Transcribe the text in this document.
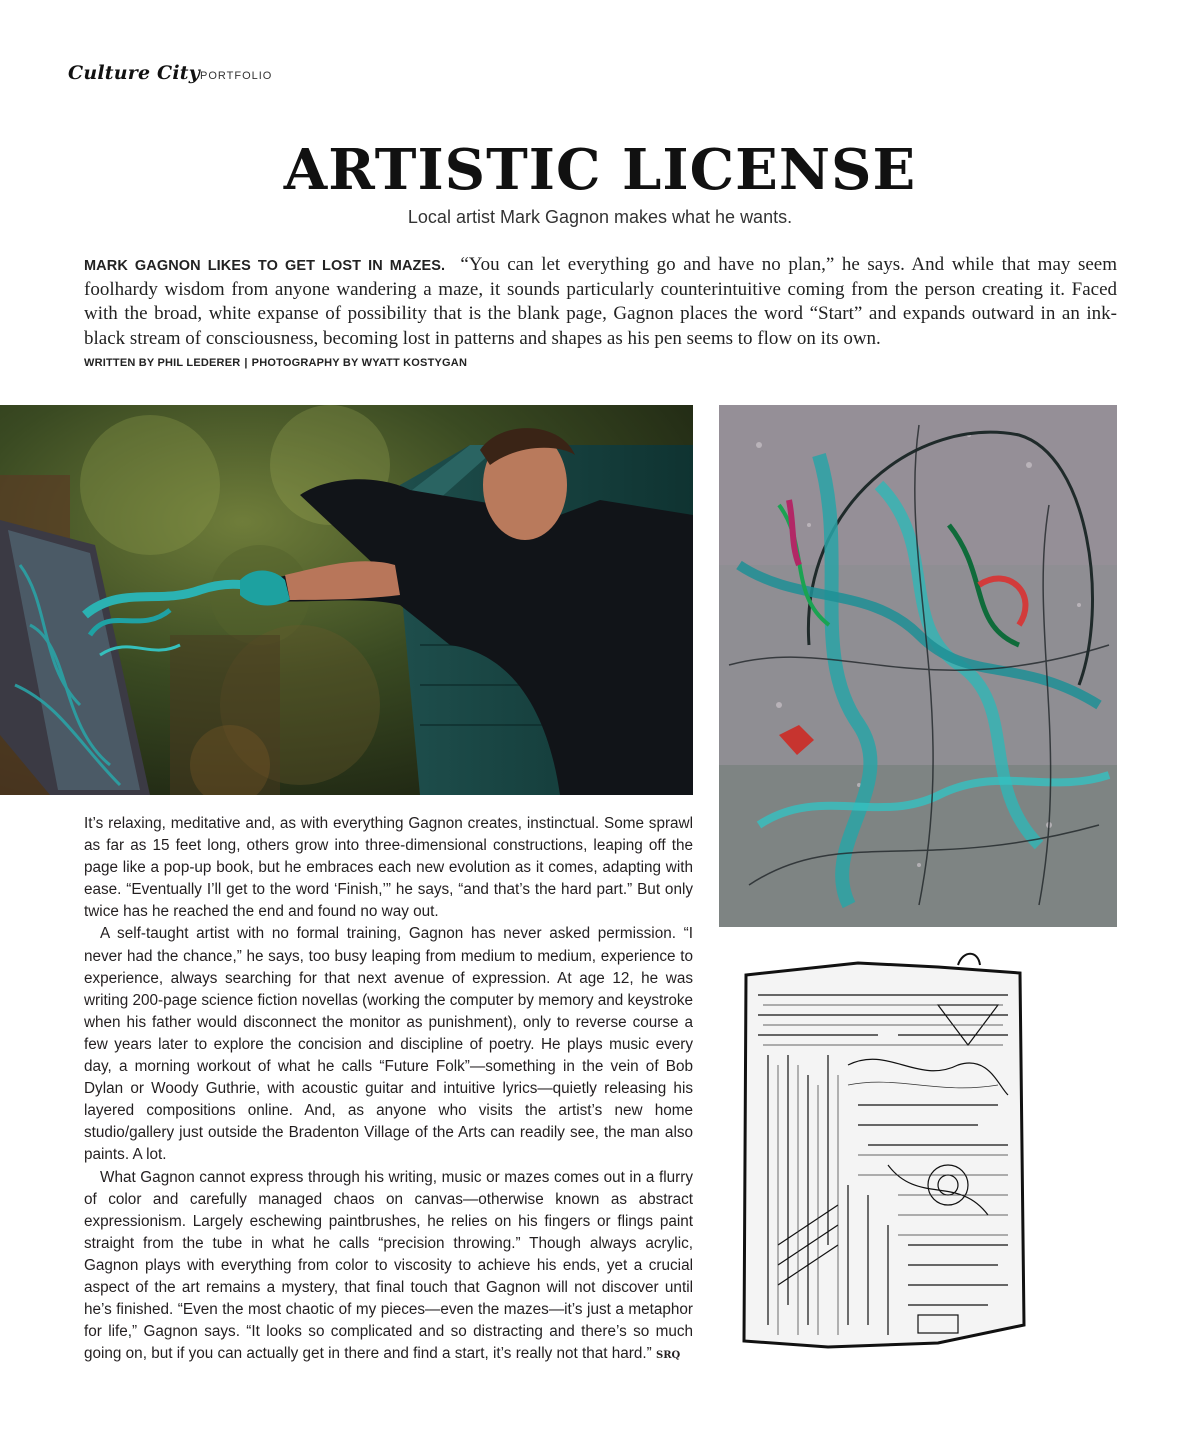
Culture City PORTFOLIO
ARTISTIC LICENSE
Local artist Mark Gagnon makes what he wants.
MARK GAGNON LIKES TO GET LOST IN MAZES. “You can let everything go and have no plan,” he says. And while that may seem foolhardy wisdom from anyone wandering a maze, it sounds particularly counterintuitive coming from the person creating it. Faced with the broad, white expanse of possibility that is the blank page, Gagnon places the word “Start” and expands outward in an ink-black stream of consciousness, becoming lost in patterns and shapes as his pen seems to flow on its own.
WRITTEN BY PHIL LEDERER | PHOTOGRAPHY BY WYATT KOSTYGAN

It’s relaxing, meditative and, as with everything Gagnon creates, instinctual. Some sprawl as far as 15 feet long, others grow into three-dimensional constructions, leaping off the page like a pop-up book, but he embraces each new evolution as it comes, adapting with ease. “Eventually I’ll get to the word ‘Finish,’” he says, “and that’s the hard part.” But only twice has he reached the end and found no way out.

A self-taught artist with no formal training, Gagnon has never asked permission. “I never had the chance,” he says, too busy leaping from medium to medium, experience to experience, always searching for that next avenue of expression. At age 12, he was writing 200-page science fiction novellas (working the computer by memory and keystroke when his father would disconnect the monitor as punishment), only to reverse course a few years later to explore the concision and discipline of poetry. He plays music every day, a morning workout of what he calls “Future Folk”—something in the vein of Bob Dylan or Woody Guthrie, with acoustic guitar and intuitive lyrics—quietly releasing his layered compositions online. And, as anyone who visits the artist’s new home studio/gallery just outside the Bradenton Village of the Arts can readily see, the man also paints. A lot.

What Gagnon cannot express through his writing, music or mazes comes out in a flurry of color and carefully managed chaos on canvas—otherwise known as abstract expressionism. Largely eschewing paintbrushes, he relies on his fingers or flings paint straight from the tube in what he calls “precision throwing.” Though always acrylic, Gagnon plays with everything from color to viscosity to achieve his ends, yet a crucial aspect of the art remains a mystery, that final touch that Gagnon will not discover until he’s finished. “Even the most chaotic of my pieces—even the mazes—it’s just a metaphor for life,” Gagnon says. “It looks so complicated and so distracting and there’s so much going on, but if you can actually get in there and find a start, it’s really not that hard.” SRQ
